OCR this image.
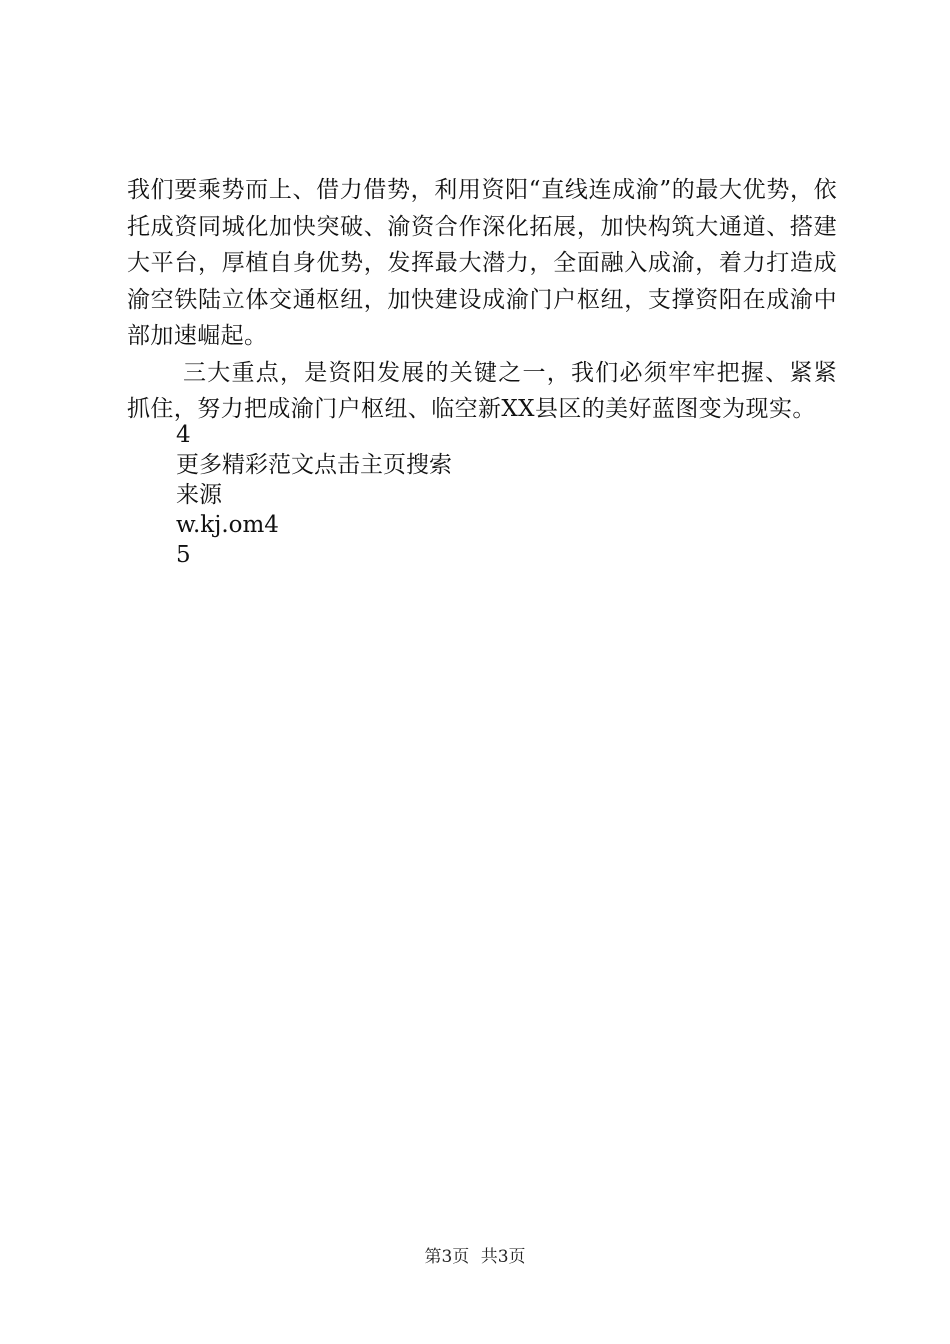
我们要乘势而上、借力借势，利用资阳“直线连成渝”的最大优势，依托成资同城化加快突破、渝资合作深化拓展，加快构筑大通道、搭建大平台，厚植自身优势，发挥最大潜力，全面融入成渝，着力打造成渝空铁陆立体交通枢纽，加快建设成渝门户枢纽，支撑资阳在成渝中部加速崛起。

三大重点，是资阳发展的关键之一，我们必须牢牢把握、紧紧抓住，努力把成渝门户枢纽、临空新XX县区的美好蓝图变为现实。

4
更多精彩范文点击主页搜索
来源
w.kj.om4
5
第3页 共3页
